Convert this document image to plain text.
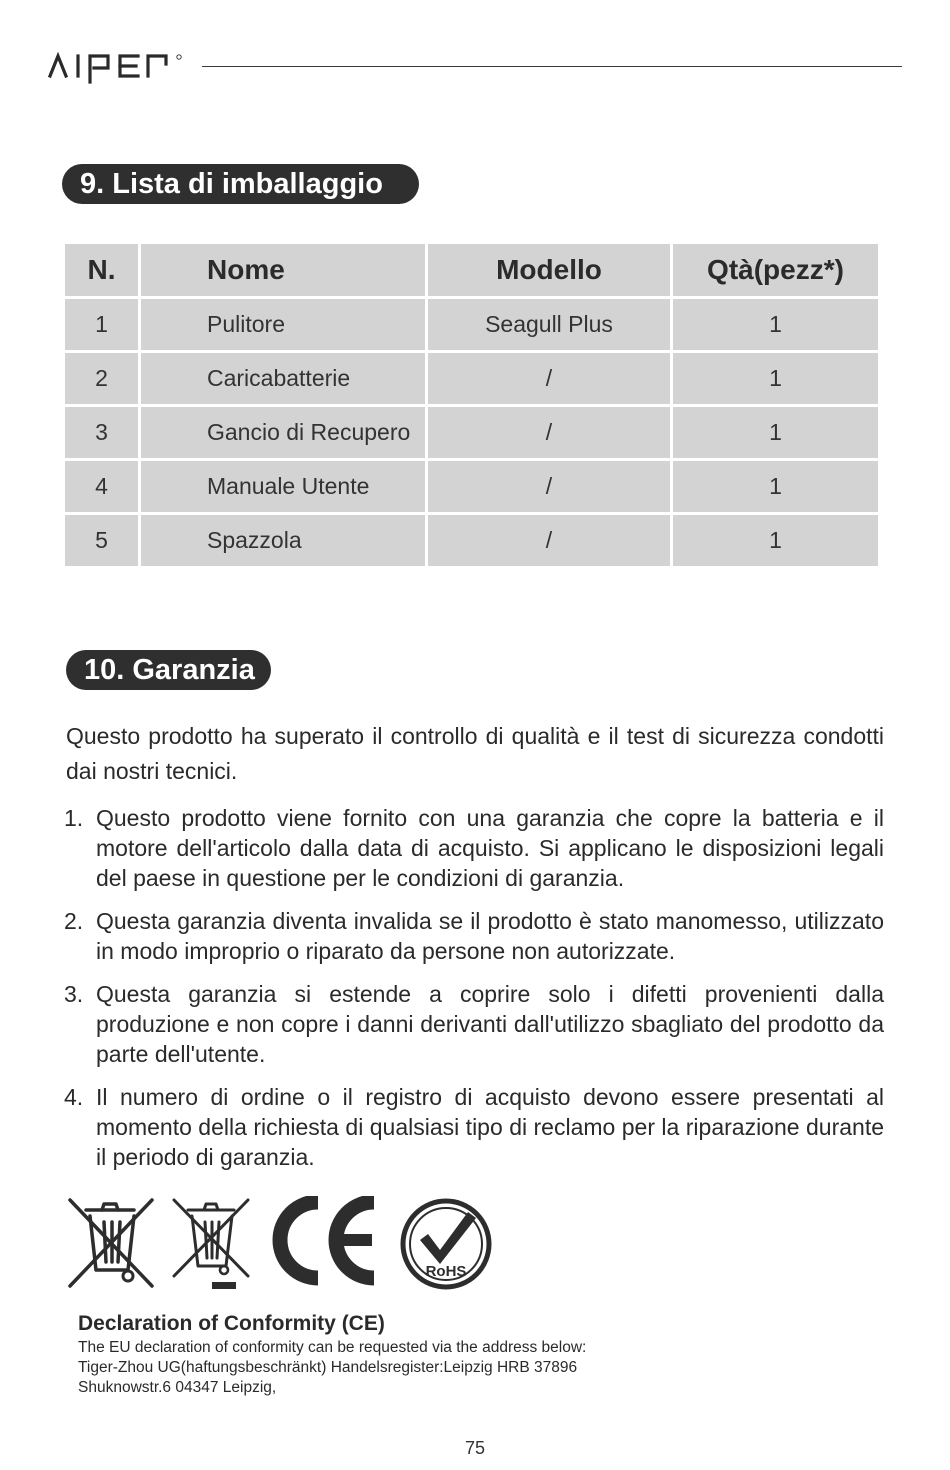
9. Lista di imballaggio
N.	Nome	Modello	Qtà(pezz*)
1	Pulitore	Seagull Plus	1
2	Caricabatterie	/	1
3	Gancio di Recupero	/	1
4	Manuale Utente	/	1
5	Spazzola	/	1
10. Garanzia

Questo prodotto ha superato il controllo di qualità e il test di sicurezza condotti dai nostri tecnici.

1. Questo prodotto viene fornito con una garanzia che copre la batteria e il motore dell'articolo dalla data di acquisto. Si applicano le disposizioni legali del paese in questione per le condizioni di garanzia.
2. Questa garanzia diventa invalida se il prodotto è stato manomesso, utilizzato in modo improprio o riparato da persone non autorizzate.
3. Questa garanzia si estende a coprire solo i difetti provenienti dalla produzione e non copre i danni derivanti dall'utilizzo sbagliato del prodotto da parte dell'utente.
4. Il numero di ordine o il registro di acquisto devono essere presentati al momento della richiesta di qualsiasi tipo di reclamo per la riparazione durante il periodo di garanzia.
RoHS

Declaration of Conformity (CE)

The EU declaration of conformity can be requested via the address below:
Tiger-Zhou UG(haftungsbeschränkt) Handelsregister:Leipzig HRB 37896
Shuknowstr.6 04347 Leipzig,
75
